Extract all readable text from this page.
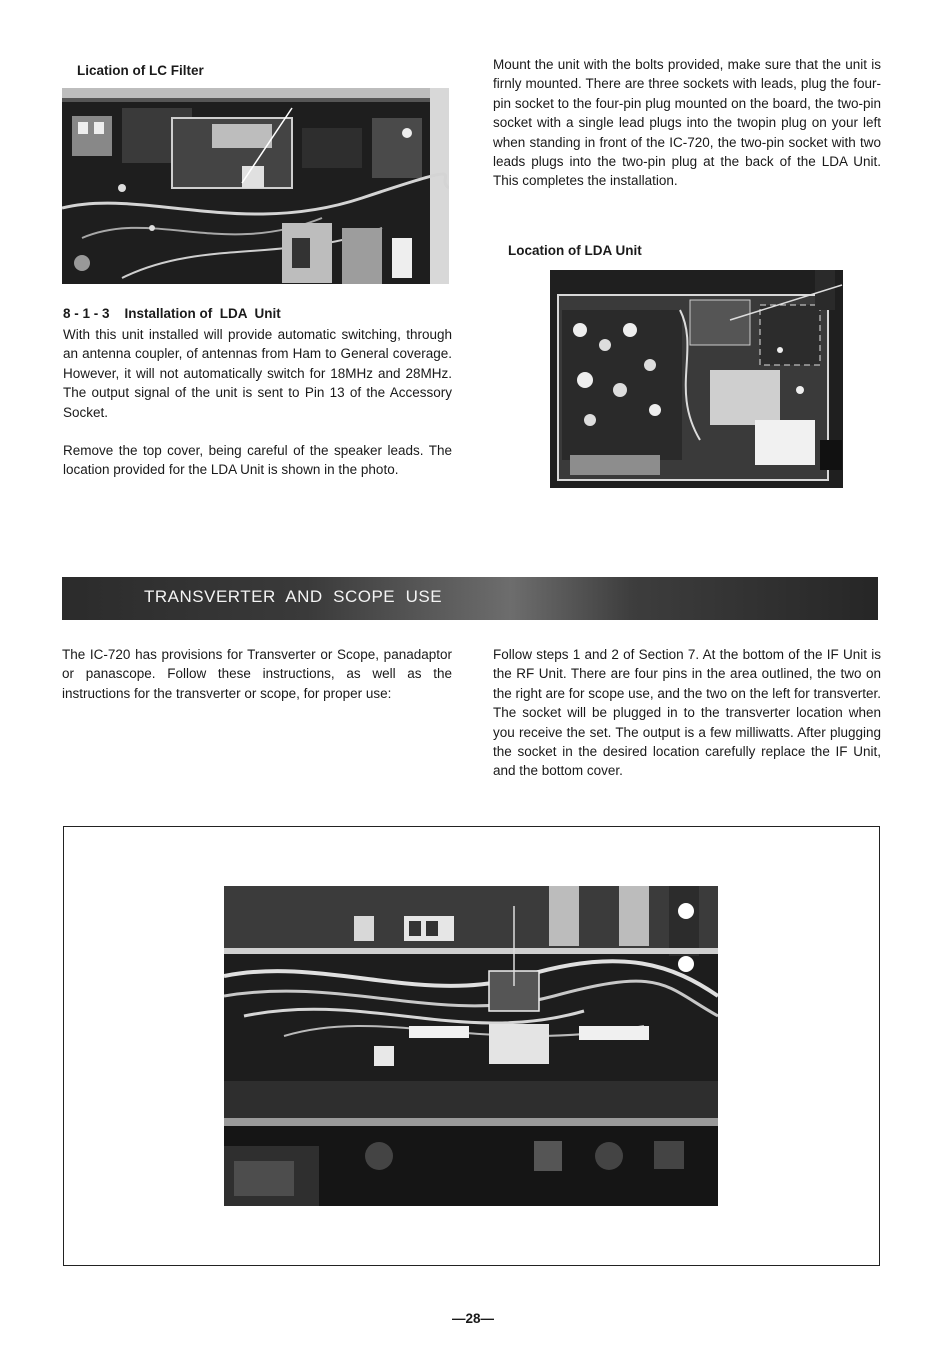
Lication of LC Filter
8 - 1 - 3    Installation of  LDA  Unit

With this unit installed will provide automatic switching, through an antenna coupler, of antennas from Ham to General coverage. However, it will not automatically switch for 18MHz and 28MHz. The output signal of the unit is sent to Pin 13 of the Accessory Socket.

Remove the top cover, being careful of the speaker leads. The location provided for the LDA Unit is shown in the photo.

Mount the unit with the bolts provided, make sure that the unit is firnly mounted. There are three sockets with leads, plug the four-pin socket to the four-pin plug mounted on the board, the two-pin socket with a single lead plugs into the twopin plug on your left when standing in front of the IC-720, the two-pin socket with two leads plugs into the two-pin plug at the back of the LDA Unit. This completes the installation.

Location of LDA Unit
TRANSVERTER  AND  SCOPE  USE

The IC-720 has provisions for Transverter or Scope, panadaptor or panascope. Follow these instructions, as well as the instructions for the transverter or scope, for proper use:

Follow steps 1 and 2 of Section 7. At the bottom of the IF Unit is the RF Unit. There are four pins in the area outlined, the two on the right are for scope use, and the two on the left for transverter. The socket will be plugged in to the transverter location when you receive the set. The output is a few milliwatts. After plugging the socket in the desired location carefully replace the IF Unit, and the bottom cover.

—28—
